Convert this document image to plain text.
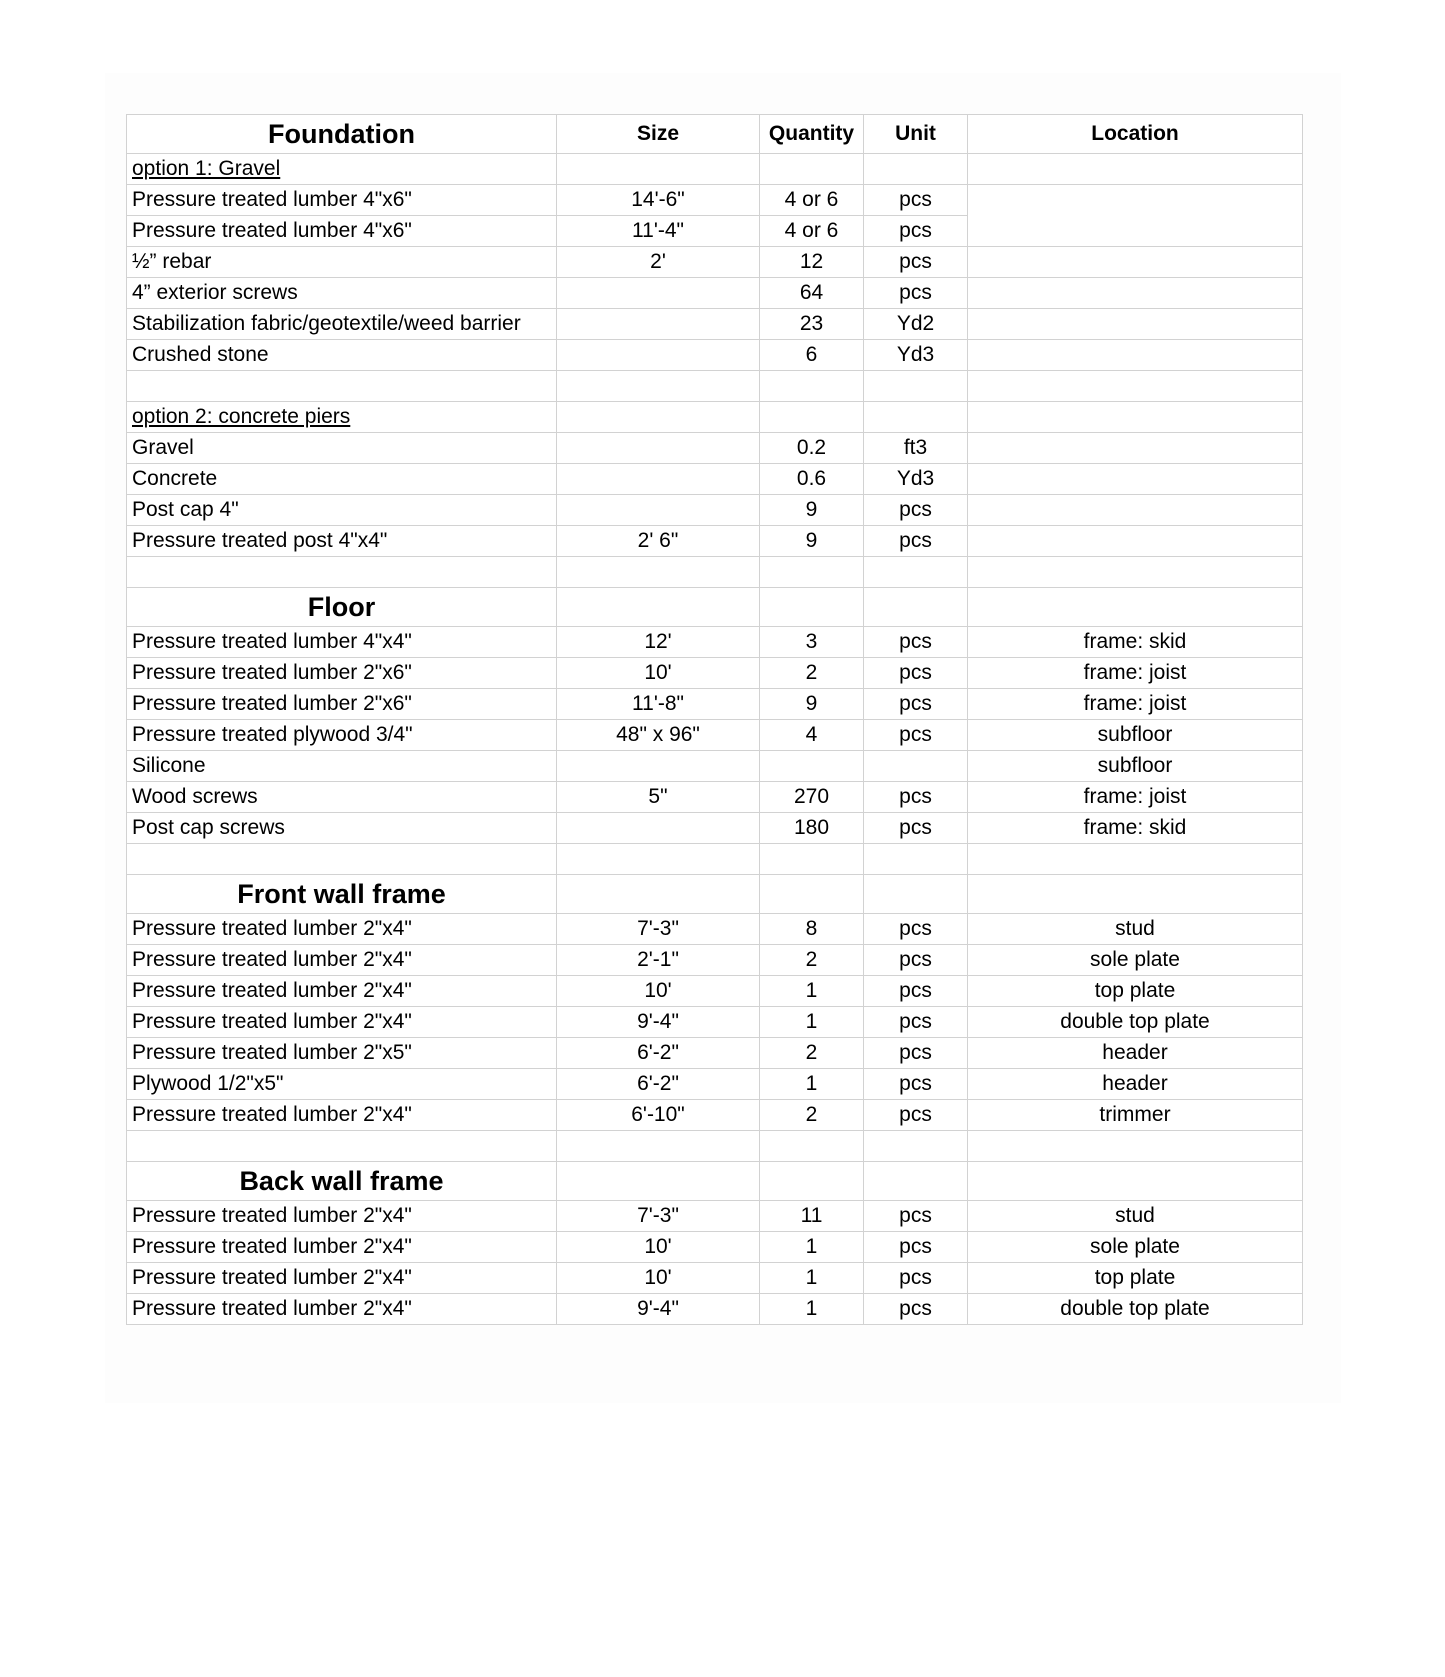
Foundation	Size	Quantity	Unit	Location
option 1: Gravel				
Pressure treated lumber 4"x6"	14'-6"	4 or 6	pcs	
Pressure treated lumber 4"x6"	11'-4"	4 or 6	pcs	
½” rebar	2'	12	pcs	
4” exterior screws		64	pcs	
Stabilization fabric/geotextile/weed barrier		23	Yd2	
Crushed stone		6	Yd3	

option 2: concrete piers				
Gravel		0.2	ft3	
Concrete		0.6	Yd3	
Post cap 4"		9	pcs	
Pressure treated post 4"x4"	2' 6"	9	pcs	

Floor				
Pressure treated lumber 4"x4"	12'	3	pcs	frame: skid
Pressure treated lumber 2"x6"	10'	2	pcs	frame: joist
Pressure treated lumber 2"x6"	11'-8"	9	pcs	frame: joist
Pressure treated plywood 3/4"	48" x 96"	4	pcs	subfloor
Silicone				subfloor
Wood screws	5"	270	pcs	frame: joist
Post cap screws		180	pcs	frame: skid

Front wall frame				
Pressure treated lumber 2"x4"	7'-3"	8	pcs	stud
Pressure treated lumber 2"x4"	2'-1"	2	pcs	sole plate
Pressure treated lumber 2"x4"	10'	1	pcs	top plate
Pressure treated lumber 2"x4"	9'-4"	1	pcs	double top plate
Pressure treated lumber 2"x5"	6'-2"	2	pcs	header
Plywood 1/2"x5"	6'-2"	1	pcs	header
Pressure treated lumber 2"x4"	6'-10"	2	pcs	trimmer

Back wall frame				
Pressure treated lumber 2"x4"	7'-3"	11	pcs	stud
Pressure treated lumber 2"x4"	10'	1	pcs	sole plate
Pressure treated lumber 2"x4"	10'	1	pcs	top plate
Pressure treated lumber 2"x4"	9'-4"	1	pcs	double top plate
